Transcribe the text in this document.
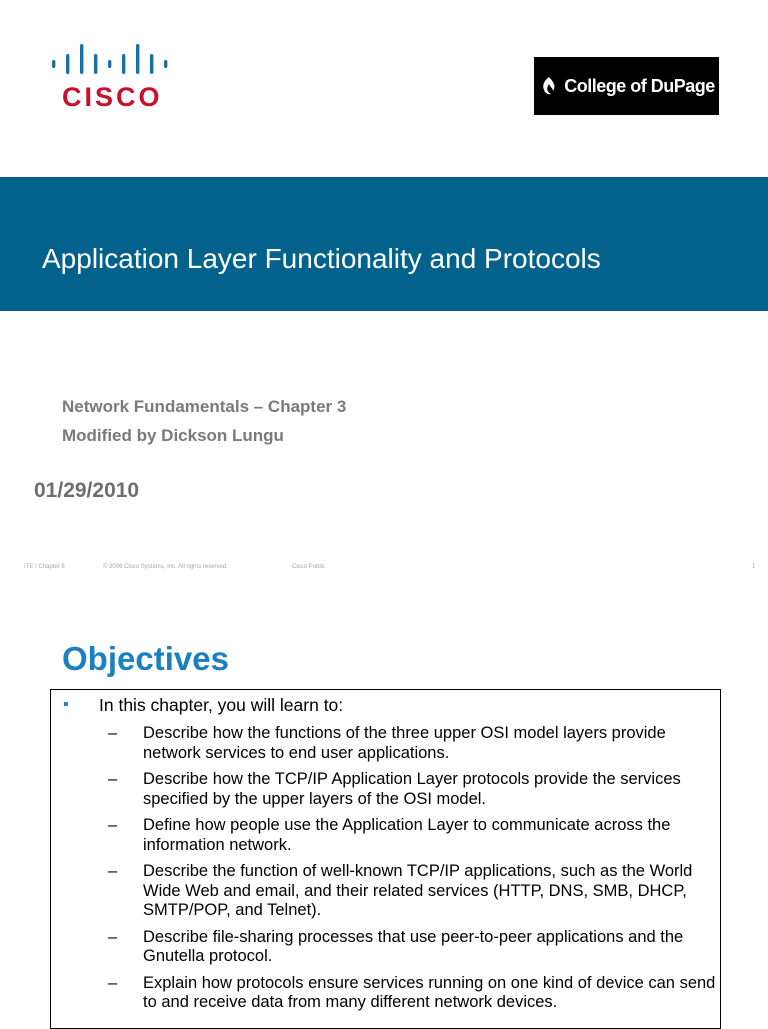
CISCO	College of DuPage
Application Layer Functionality and Protocols
Network Fundamentals – Chapter 3
Modified by Dickson Lungu
01/29/2010
ITE I Chapter 6	© 2006 Cisco Systems, Inc. All rights reserved.	Cisco Public	1
Objectives
▪	In this chapter, you will learn to:
–	Describe how the functions of the three upper OSI model layers provide network services to end user applications.
–	Describe how the TCP/IP Application Layer protocols provide the services specified by the upper layers of the OSI model.
–	Define how people use the Application Layer to communicate across the information network.
–	Describe the function of well-known TCP/IP applications, such as the World Wide Web and email, and their related services (HTTP, DNS, SMB, DHCP, SMTP/POP, and Telnet).
–	Describe file-sharing processes that use peer-to-peer applications and the Gnutella protocol.
–	Explain how protocols ensure services running on one kind of device can send to and receive data from many different network devices.
